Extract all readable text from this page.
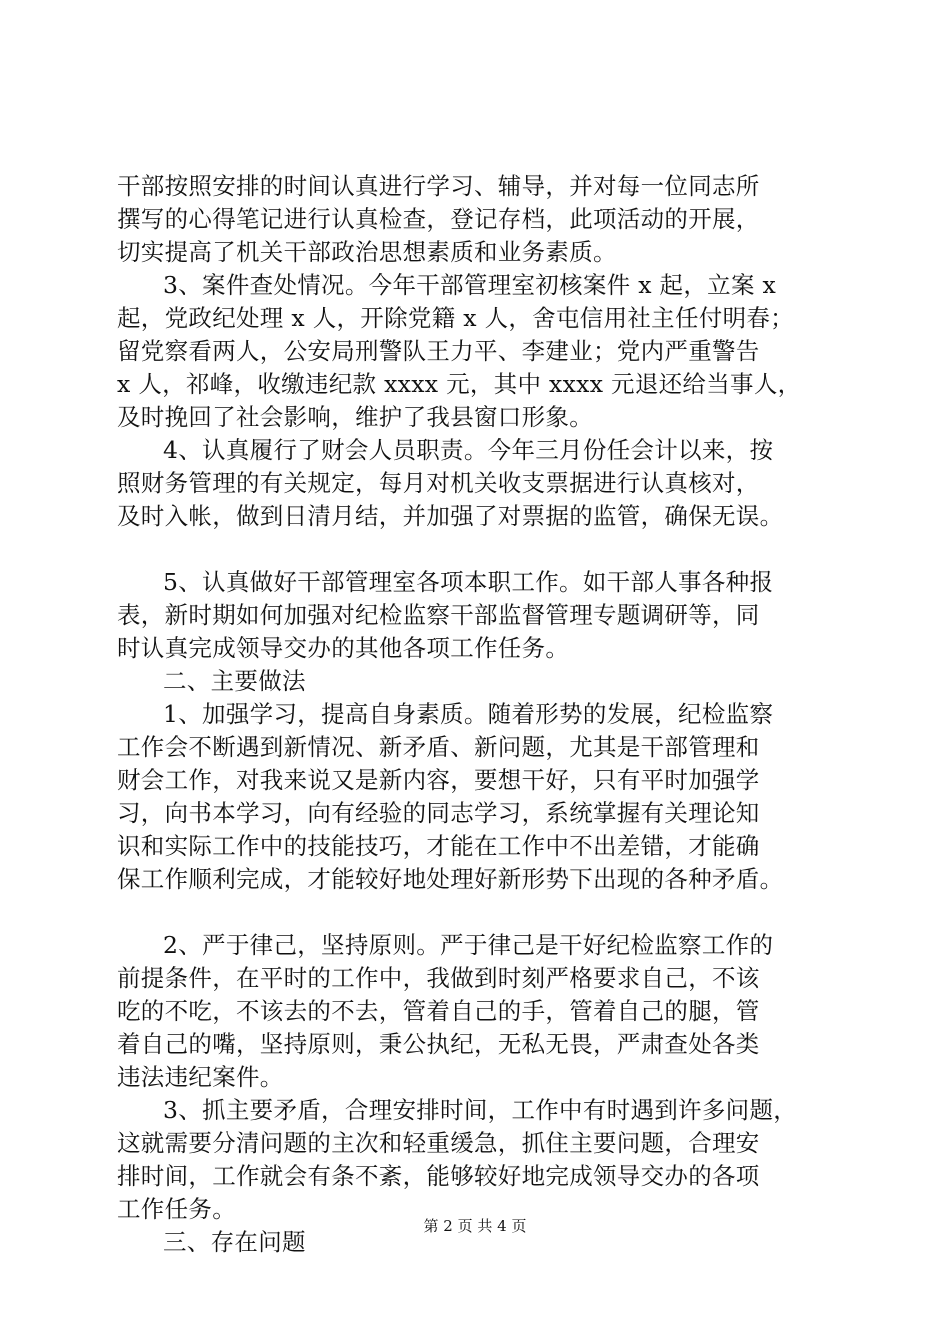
干部按照安排的时间认真进行学习、辅导，并对每一位同志所
撰写的心得笔记进行认真检查，登记存档，此项活动的开展，
切实提高了机关干部政治思想素质和业务素质。
3、案件查处情况。今年干部管理室初核案件 x 起，立案 x
起，党政纪处理 x 人，开除党籍 x 人，舍屯信用社主任付明春；
留党察看两人，公安局刑警队王力平、李建业；党内严重警告
x 人，祁峰，收缴违纪款 xxxx 元，其中 xxxx 元退还给当事人，
及时挽回了社会影响，维护了我县窗口形象。
4、认真履行了财会人员职责。今年三月份任会计以来，按
照财务管理的有关规定，每月对机关收支票据进行认真核对，
及时入帐，做到日清月结，并加强了对票据的监管，确保无误。
5、认真做好干部管理室各项本职工作。如干部人事各种报
表，新时期如何加强对纪检监察干部监督管理专题调研等，同
时认真完成领导交办的其他各项工作任务。
二、主要做法
1、加强学习，提高自身素质。随着形势的发展，纪检监察
工作会不断遇到新情况、新矛盾、新问题，尤其是干部管理和
财会工作，对我来说又是新内容，要想干好，只有平时加强学
习，向书本学习，向有经验的同志学习，系统掌握有关理论知
识和实际工作中的技能技巧，才能在工作中不出差错，才能确
保工作顺利完成，才能较好地处理好新形势下出现的各种矛盾。
2、严于律己，坚持原则。严于律己是干好纪检监察工作的
前提条件，在平时的工作中，我做到时刻严格要求自己，不该
吃的不吃，不该去的不去，管着自己的手，管着自己的腿，管
着自己的嘴，坚持原则，秉公执纪，无私无畏，严肃查处各类
违法违纪案件。
3、抓主要矛盾，合理安排时间，工作中有时遇到许多问题，
这就需要分清问题的主次和轻重缓急，抓住主要问题，合理安
排时间，工作就会有条不紊，能够较好地完成领导交办的各项
工作任务。
三、存在问题
第 2 页 共 4 页
